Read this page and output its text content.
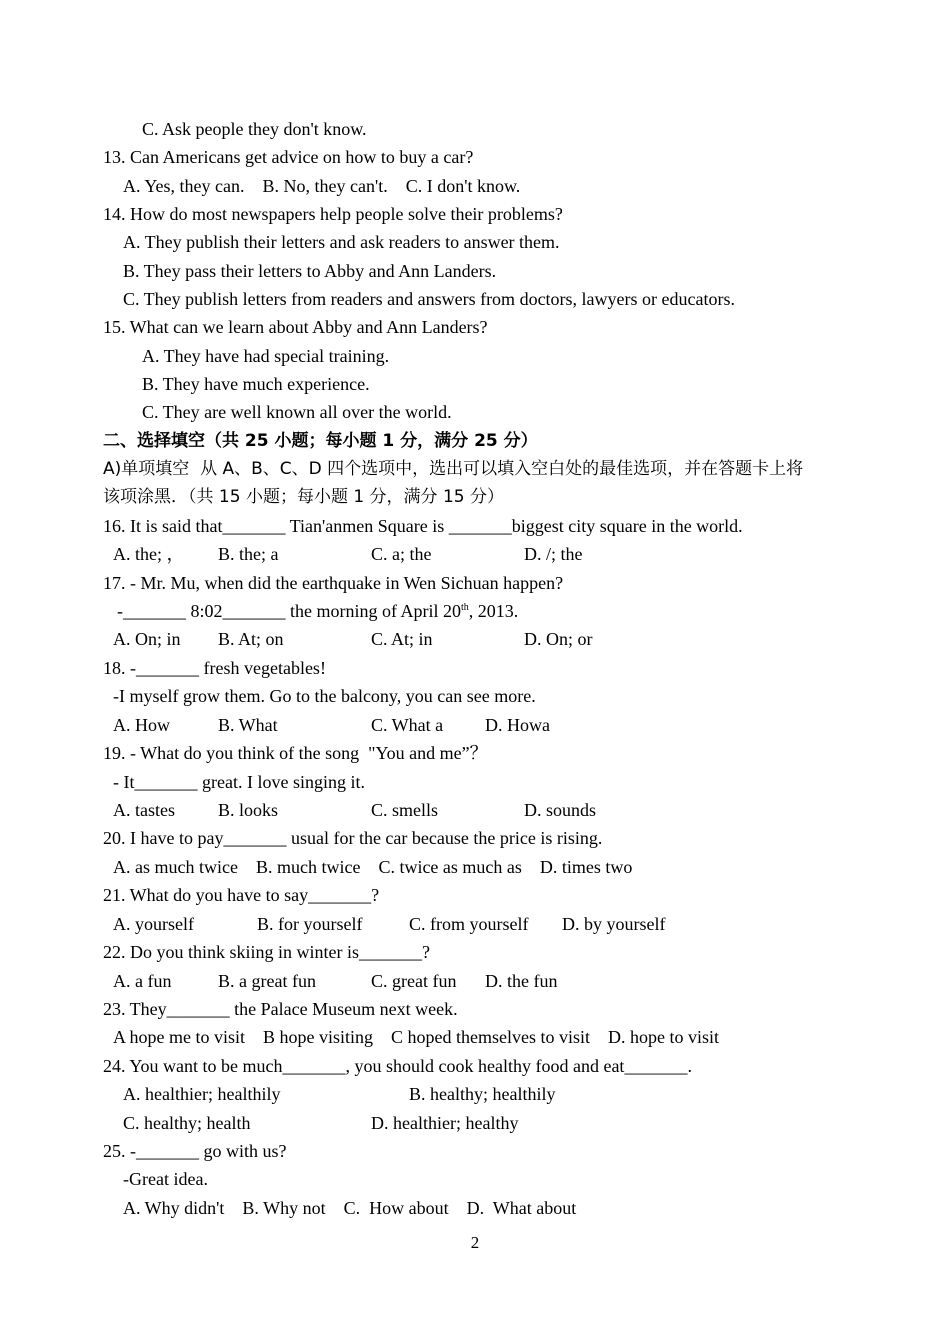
C. Ask people they don't know.
13. Can Americans get advice on how to buy a car?
A. Yes, they can.    B. No, they can't.    C. I don't know.
14. How do most newspapers help people solve their problems?
A. They publish their letters and ask readers to answer them.
B. They pass their letters to Abby and Ann Landers.
C. They publish letters from readers and answers from doctors, lawyers or educators.
15. What can we learn about Abby and Ann Landers?
A. They have had special training.
B. They have much experience.
C. They are well known all over the world.
二、选择填空（共 25 小题；每小题 1 分，满分 25 分）
A)单项填空  从 A、B、C、D 四个选项中，选出可以填入空白处的最佳选项，并在答题卡上将
该项涂黑．（共 15 小题；每小题 1 分，满分 15 分）
16. It is said that_______ Tian'anmen Square is _______biggest city square in the world.
A. the; ， B. the; a	C. a; the	D. /; the
17. - Mr. Mu, when did the earthquake in Wen Sichuan happen?
-_______ 8:02_______ the morning of April 20th, 2013.
A. On; in B. At; on	C. At; in	D. On; or
18. -_______ fresh vegetables!
-I myself grow them. Go to the balcony, you can see more.
A. How	B. What	C. What a D. Howa
19. - What do you think of the song  "You and me”？
- It_______ great. I love singing it.
A. tastes B. looks	C. smells	D. sounds
20. I have to pay_______ usual for the car because the price is rising.
A. as much twice    B. much twice    C. twice as much as    D. times two
21. What do you have to say_______?
A. yourself	B. for yourself	C. from yourself D. by yourself
22. Do you think skiing in winter is_______?
A. a fun	B. a great fun	C. great fun D. the fun
23. They_______ the Palace Museum next week.
A hope me to visit    B hope visiting    C hoped themselves to visit    D. hope to visit
24. You want to be much_______, you should cook healthy food and eat_______.
A. healthier; healthily	B. healthy; healthily
C. healthy; health	D. healthier; healthy
25. -_______ go with us?
-Great idea.
A. Why didn't    B. Why not    C.  How about    D.  What about
2
